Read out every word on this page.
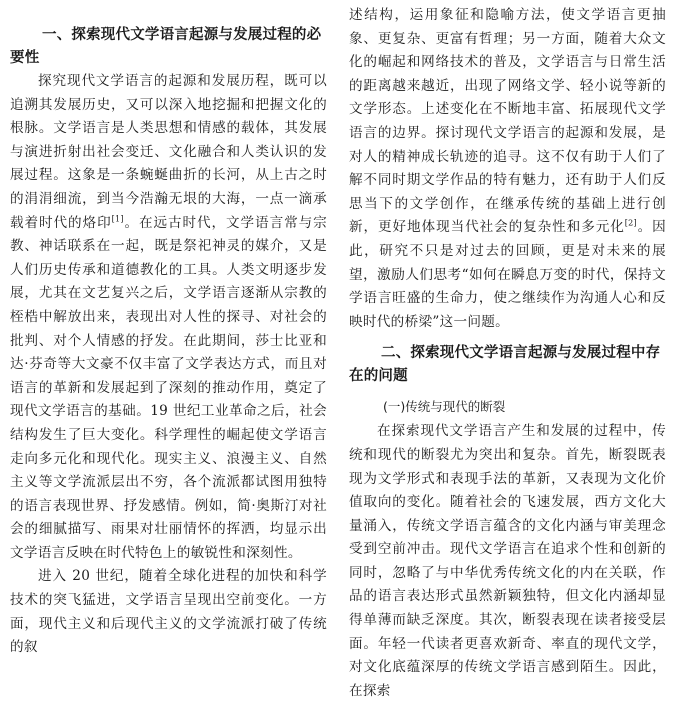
一、探索现代文学语言起源与发展过程的必要性

探究现代文学语言的起源和发展历程，既可以追溯其发展历史，又可以深入地挖掘和把握文化的根脉。文学语言是人类思想和情感的载体，其发展与演进折射出社会变迁、文化融合和人类认识的发展过程。这象是一条蜿蜒曲折的长河，从上古之时的涓涓细流，到当今浩瀚无垠的大海，一点一滴承载着时代的烙印[1]。在远古时代，文学语言常与宗教、神话联系在一起，既是祭祀神灵的媒介，又是人们历史传承和道德教化的工具。人类文明逐步发展，尤其在文艺复兴之后，文学语言逐渐从宗教的桎梏中解放出来，表现出对人性的探寻、对社会的批判、对个人情感的抒发。在此期间，莎士比亚和达·芬奇等大文豪不仅丰富了文学表达方式，而且对语言的革新和发展起到了深刻的推动作用，奠定了现代文学语言的基础。19 世纪工业革命之后，社会结构发生了巨大变化。科学理性的崛起使文学语言走向多元化和现代化。现实主义、浪漫主义、自然主义等文学流派层出不穷，各个流派都试图用独特的语言表现世界、抒发感情。例如，简·奥斯汀对社会的细腻描写、雨果对壮丽情怀的挥洒，均显示出文学语言反映在时代特色上的敏锐性和深刻性。

进入 20 世纪，随着全球化进程的加快和科学技术的突飞猛进，文学语言呈现出空前变化。一方面，现代主义和后现代主义的文学流派打破了传统的叙

述结构，运用象征和隐喻方法，使文学语言更抽象、更复杂、更富有哲理；另一方面，随着大众文化的崛起和网络技术的普及，文学语言与日常生活的距离越来越近，出现了网络文学、轻小说等新的文学形态。上述变化在不断地丰富、拓展现代文学语言的边界。探讨现代文学语言的起源和发展，是对人的精神成长轨迹的追寻。这不仅有助于人们了解不同时期文学作品的特有魅力，还有助于人们反思当下的文学创作，在继承传统的基础上进行创新，更好地体现当代社会的复杂性和多元化[2]。因此，研究不只是对过去的回顾，更是对未来的展望，激励人们思考“如何在瞬息万变的时代，保持文学语言旺盛的生命力，使之继续作为沟通人心和反映时代的桥梁”这一问题。

二、探索现代文学语言起源与发展过程中存在的问题
(一)传统与现代的断裂

在探索现代文学语言产生和发展的过程中，传统和现代的断裂尤为突出和复杂。首先，断裂既表现为文学形式和表现手法的革新，又表现为文化价值取向的变化。随着社会的飞速发展，西方文化大量涌入，传统文学语言蕴含的文化内涵与审美理念受到空前冲击。现代文学语言在追求个性和创新的同时，忽略了与中华优秀传统文化的内在关联，作品的语言表达形式虽然新颖独特，但文化内涵却显得单薄而缺乏深度。其次，断裂表现在读者接受层面。年轻一代读者更喜欢新奇、率直的现代文学，对文化底蕴深厚的传统文学语言感到陌生。因此，在探索
